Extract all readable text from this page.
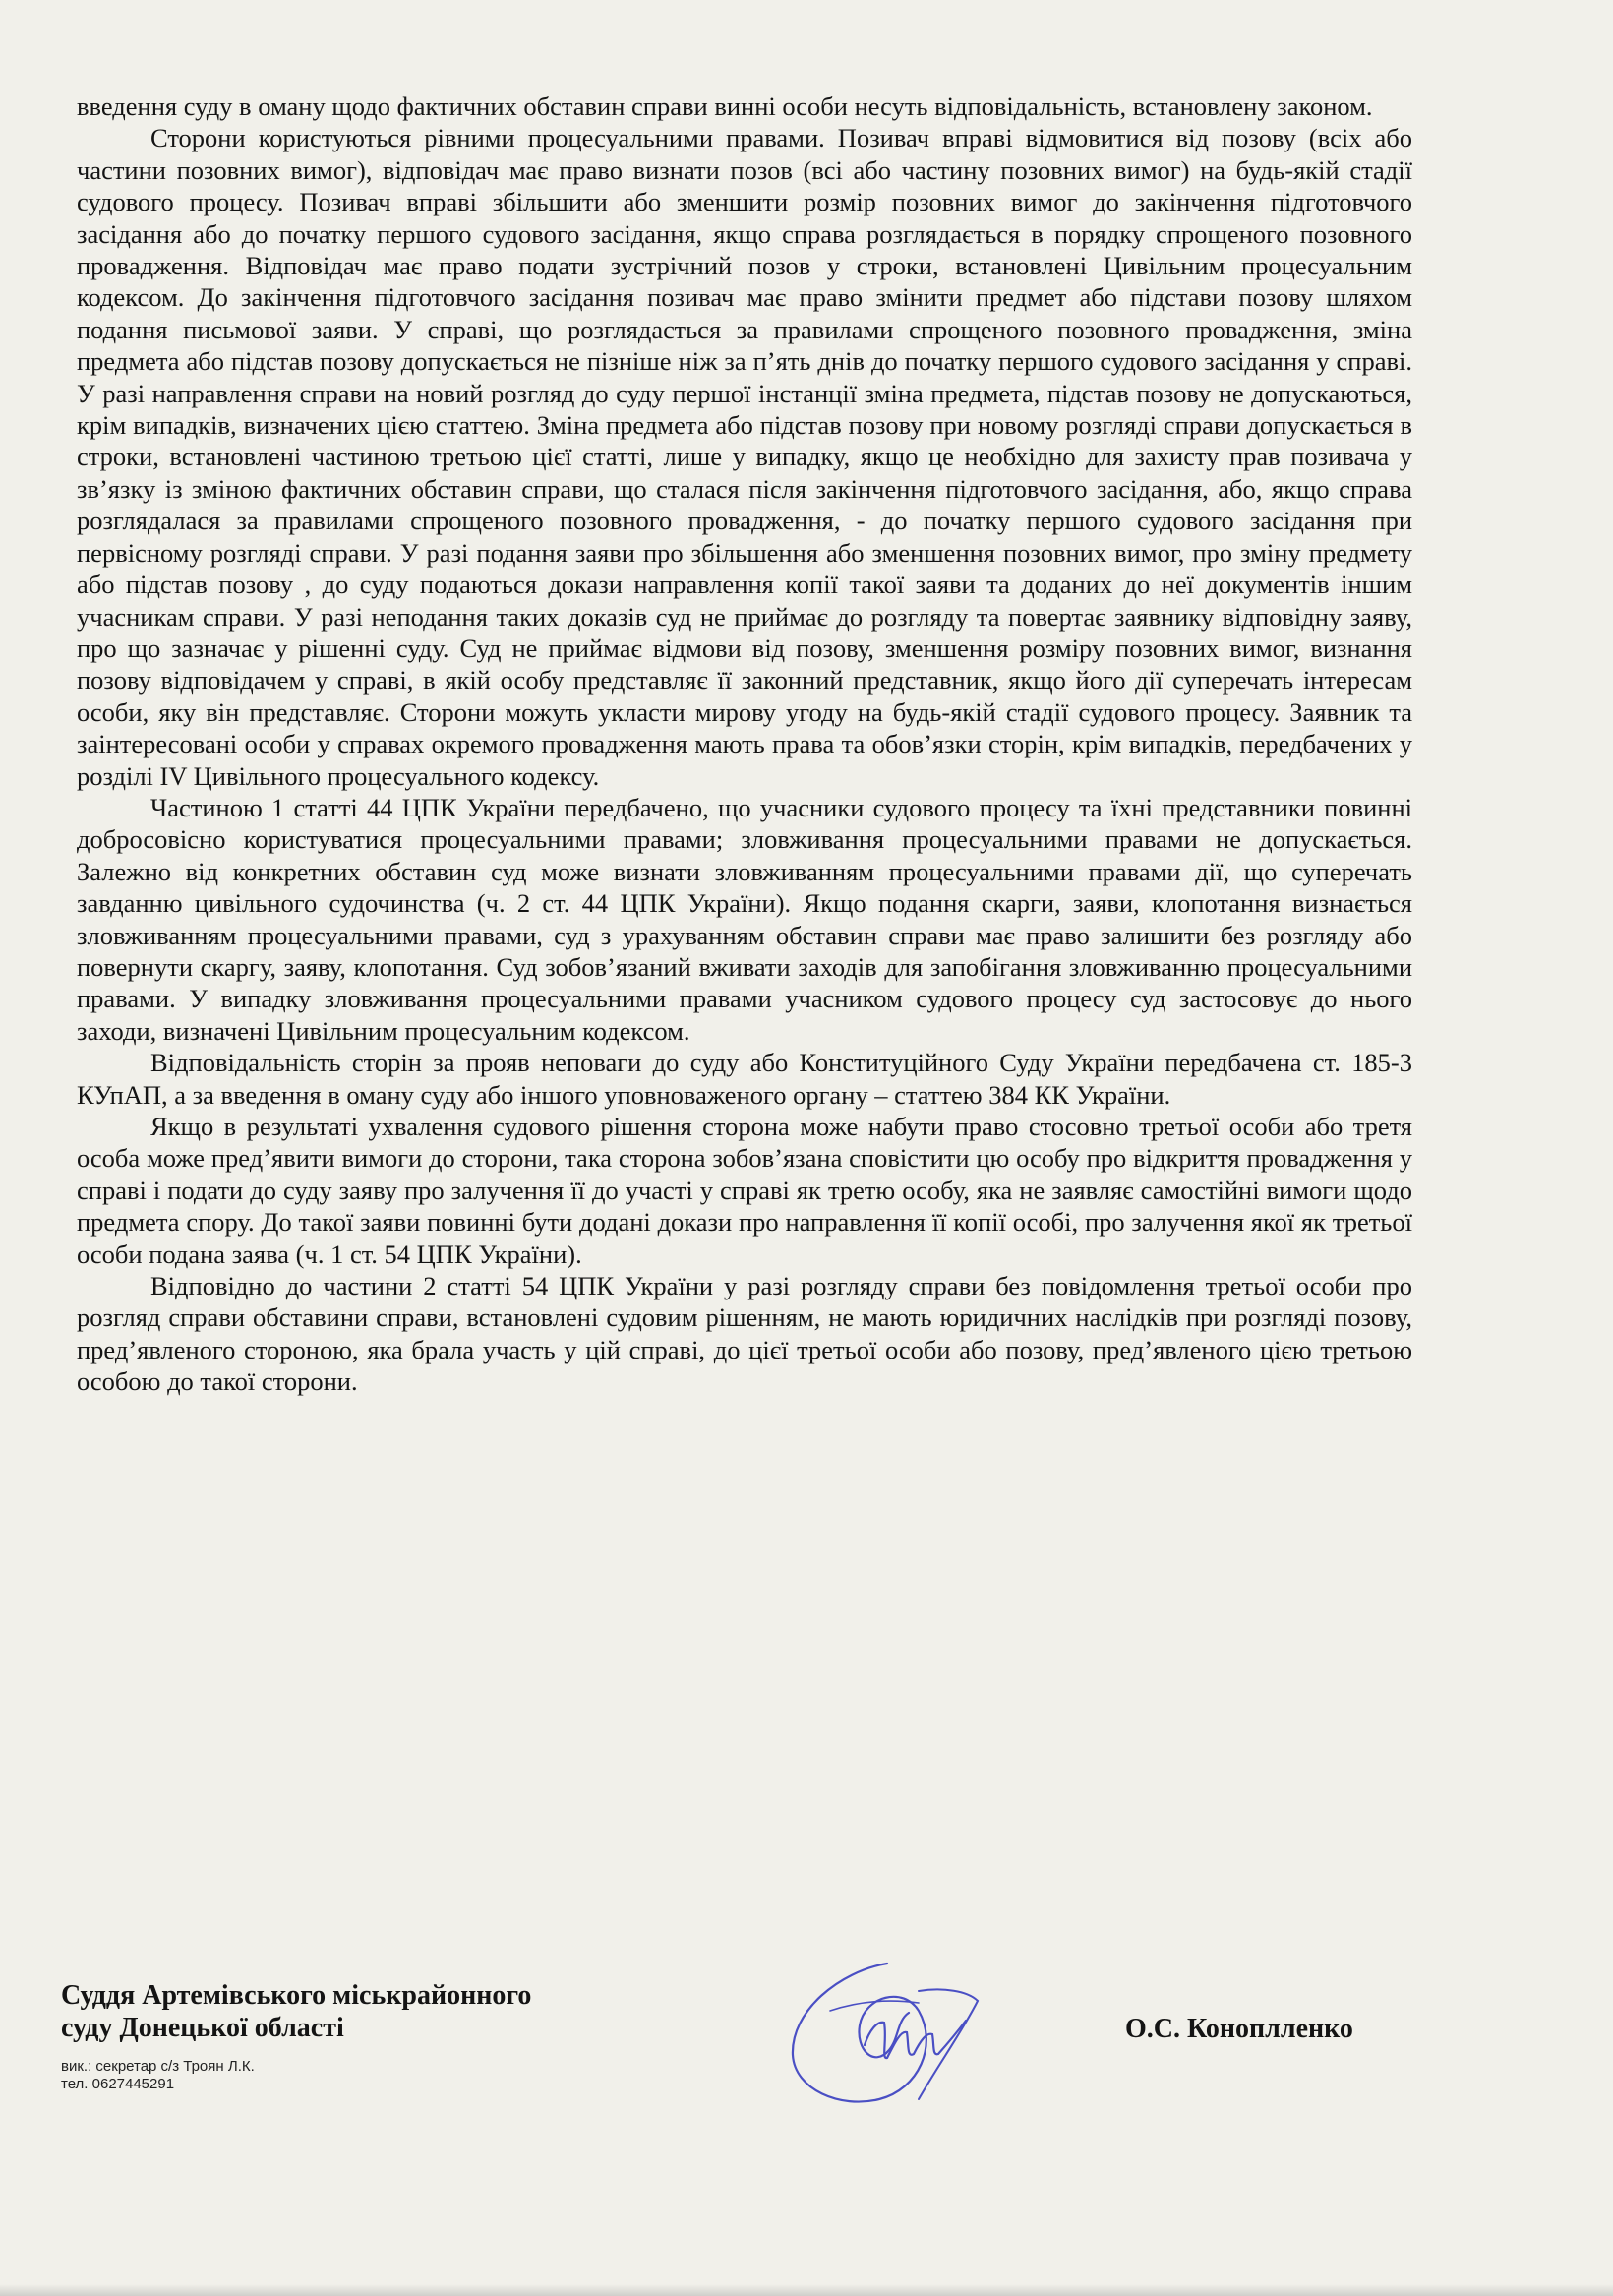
введення суду в оману щодо фактичних обставин справи винні особи несуть відповідальність, встановлену законом.

Сторони користуються рівними процесуальними правами. Позивач вправі відмовитися від позову (всіх або частини позовних вимог), відповідач має право визнати позов (всі або частину позовних вимог) на будь-якій стадії судового процесу. Позивач вправі збільшити або зменшити розмір позовних вимог до закінчення підготовчого засідання або до початку першого судового засідання, якщо справа розглядається в порядку спрощеного позовного провадження. Відповідач має право подати зустрічний позов у строки, встановлені Цивільним процесуальним кодексом. До закінчення підготовчого засідання позивач має право змінити предмет або підстави позову шляхом подання письмової заяви. У справі, що розглядається за правилами спрощеного позовного провадження, зміна предмета або підстав позову допускається не пізніше ніж за п’ять днів до початку першого судового засідання у справі. У разі направлення справи на новий розгляд до суду першої інстанції зміна предмета, підстав позову не допускаються, крім випадків, визначених цією статтею. Зміна предмета або підстав позову при новому розгляді справи допускається в строки, встановлені частиною третьою цієї статті, лише у випадку, якщо це необхідно для захисту прав позивача у зв’язку із зміною фактичних обставин справи, що сталася після закінчення підготовчого засідання, або, якщо справа розглядалася за правилами спрощеного позовного провадження, - до початку першого судового засідання при первісному розгляді справи. У разі подання заяви про збільшення або зменшення позовних вимог, про зміну предмету або підстав позову , до суду подаються докази направлення копії такої заяви та доданих до неї документів іншим учасникам справи. У разі неподання таких доказів суд не приймає до розгляду та повертає заявнику відповідну заяву, про що зазначає у рішенні суду. Суд не приймає відмови від позову, зменшення розміру позовних вимог, визнання позову відповідачем у справі, в якій особу представляє її законний представник, якщо його дії суперечать інтересам особи, яку він представляє. Сторони можуть укласти мирову угоду на будь-якій стадії судового процесу. Заявник та заінтересовані особи у справах окремого провадження мають права та обов’язки сторін, крім випадків, передбачених у розділі IV Цивільного процесуального кодексу.

Частиною 1 статті 44 ЦПК України передбачено, що учасники судового процесу та їхні представники повинні добросовісно користуватися процесуальними правами; зловживання процесуальними правами не допускається. Залежно від конкретних обставин суд може визнати зловживанням процесуальними правами дії, що суперечать завданню цивільного судочинства (ч. 2 ст. 44 ЦПК України). Якщо подання скарги, заяви, клопотання визнається зловживанням процесуальними правами, суд з урахуванням обставин справи має право залишити без розгляду або повернути скаргу, заяву, клопотання. Суд зобов’язаний вживати заходів для запобігання зловживанню процесуальними правами. У випадку зловживання процесуальними правами учасником судового процесу суд застосовує до нього заходи, визначені Цивільним процесуальним кодексом.

Відповідальність сторін за прояв неповаги до суду або Конституційного Суду України передбачена ст. 185-3 КУпАП, а за введення в оману суду або іншого уповноваженого органу – статтею 384 КК України.

Якщо в результаті ухвалення судового рішення сторона може набути право стосовно третьої особи або третя особа може пред’явити вимоги до сторони, така сторона зобов’язана сповістити цю особу про відкриття провадження у справі і подати до суду заяву про залучення її до участі у справі як третю особу, яка не заявляє самостійні вимоги щодо предмета спору. До такої заяви повинні бути додані докази про направлення її копії особі, про залучення якої як третьої особи подана заява (ч. 1 ст. 54 ЦПК України).

Відповідно до частини 2 статті 54 ЦПК України у разі розгляду справи без повідомлення третьої особи про розгляд справи обставини справи, встановлені судовим рішенням, не мають юридичних наслідків при розгляді позову, пред’явленого стороною, яка брала участь у цій справі, до цієї третьої особи або позову, пред’явленого цією третьою особою до такої сторони.

Суддя Артемівського міськрайонного
суду Донецької області
вик.: секретар с/з Троян Л.К.
тел. 0627445291
О.С. Коноплленко
